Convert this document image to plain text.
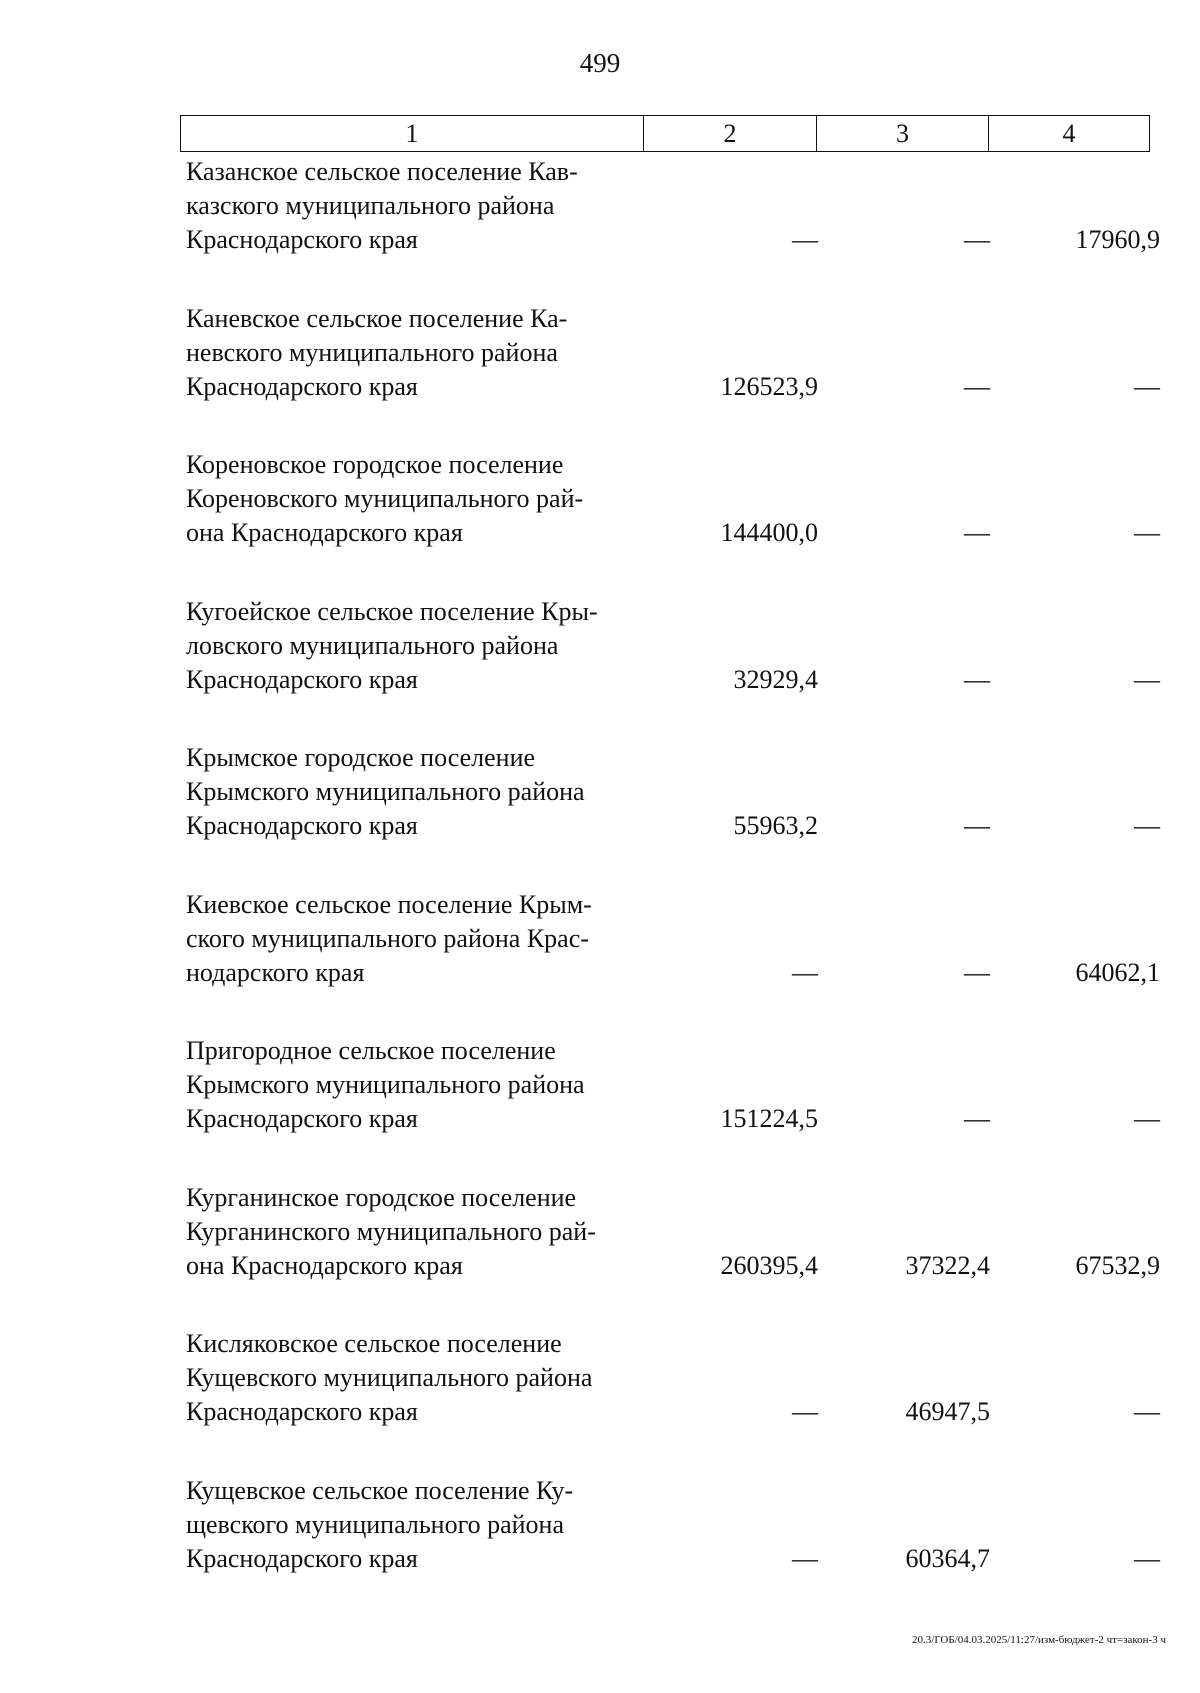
499
1	2	3	4
Казанское сельское поселение Кав-
казского муниципального района
Краснодарского края	—	—	17960,9
Каневское сельское поселение Ка-
невского муниципального района
Краснодарского края	126523,9	—	—
Кореновское городское поселение
Кореновского муниципального рай-
она Краснодарского края	144400,0	—	—
Кугоейское сельское поселение Кры-
ловского муниципального района
Краснодарского края	32929,4	—	—
Крымское городское поселение
Крымского муниципального района
Краснодарского края	55963,2	—	—
Киевское сельское поселение Крым-
ского муниципального района Крас-
нодарского края	—	—	64062,1
Пригородное сельское поселение
Крымского муниципального района
Краснодарского края	151224,5	—	—
Курганинское городское поселение
Курганинского муниципального рай-
она Краснодарского края	260395,4	37322,4	67532,9
Кисляковское сельское поселение
Кущевского муниципального района
Краснодарского края	—	46947,5	—
Кущевское сельское поселение Ку-
щевского муниципального района
Краснодарского края	—	60364,7	—
20.3/ГОБ/04.03.2025/11:27/изм-бюджет-2 чт=закон-3 ч
